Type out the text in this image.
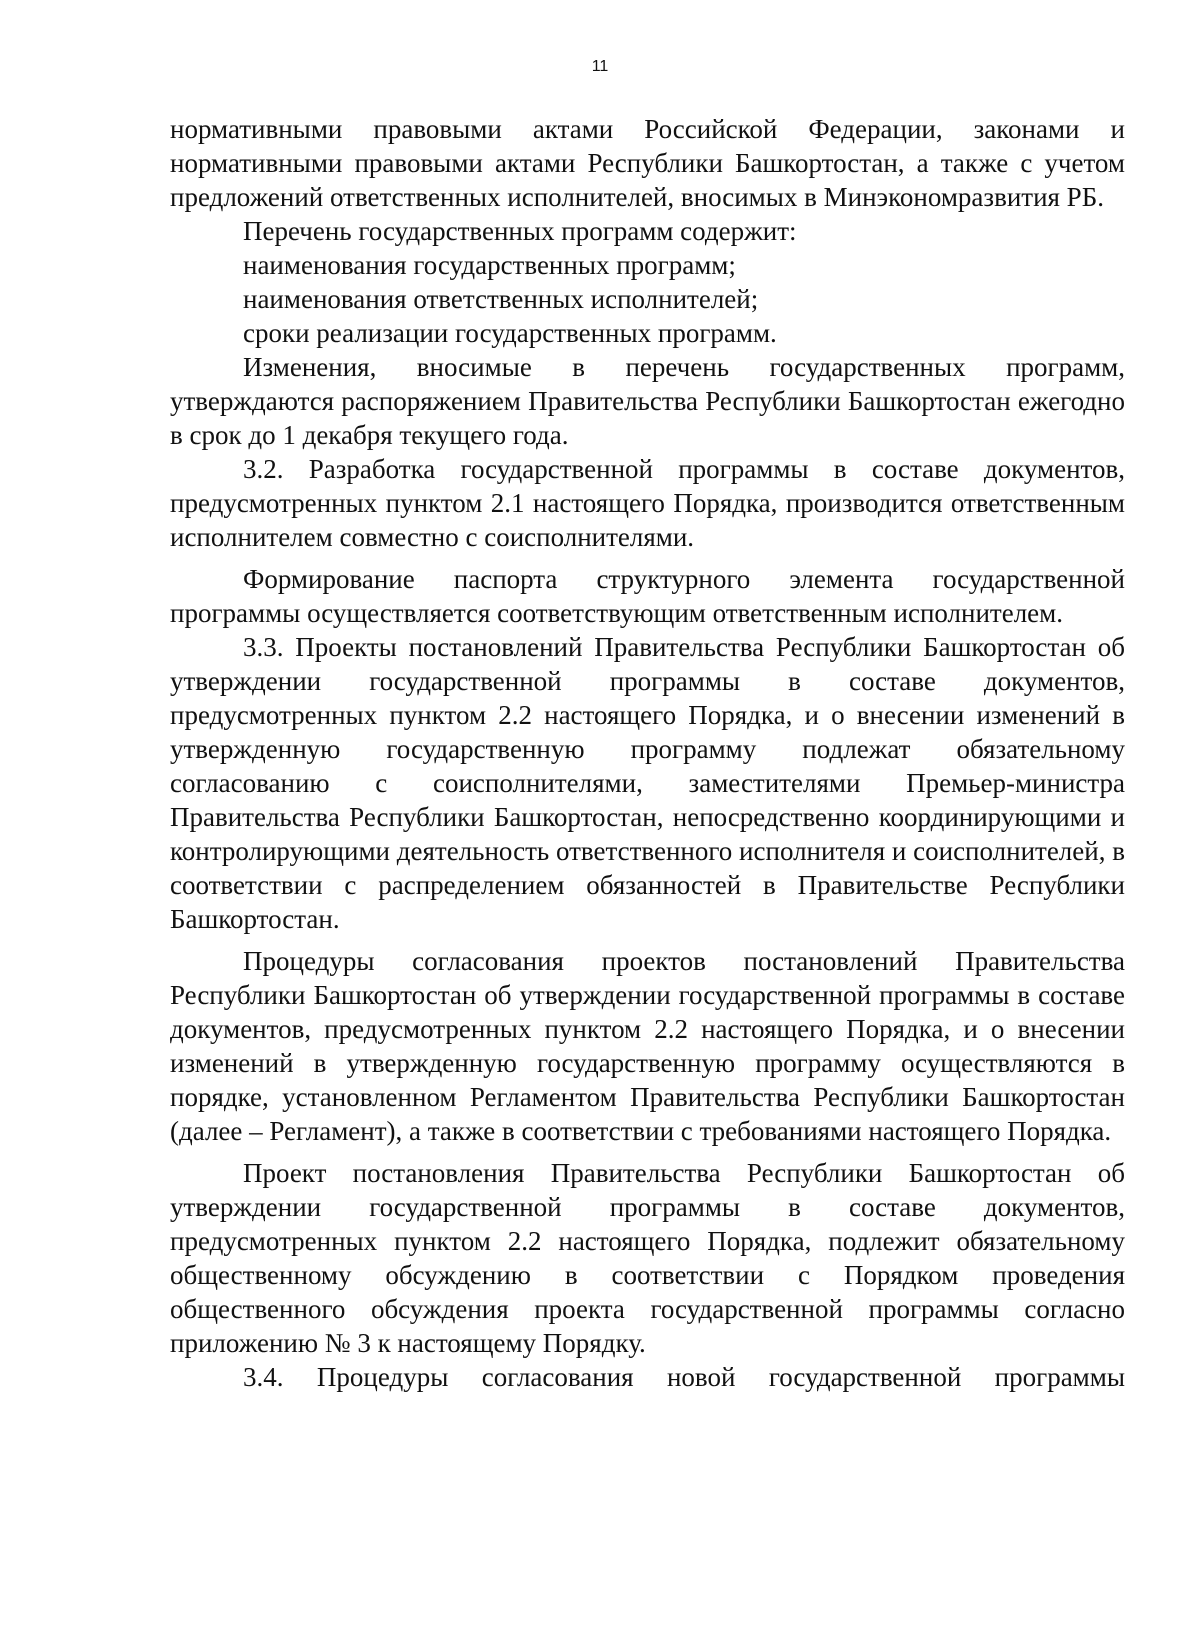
11

нормативными правовыми актами Российской Федерации, законами и нормативными правовыми актами Республики Башкортостан, а также с учетом предложений ответственных исполнителей, вносимых в Минэкономразвития РБ.

Перечень государственных программ содержит:

наименования государственных программ;

наименования ответственных исполнителей;

сроки реализации государственных программ.

Изменения, вносимые в перечень государственных программ, утверждаются распоряжением Правительства Республики Башкортостан ежегодно в срок до 1 декабря текущего года.

3.2. Разработка государственной программы в составе документов, предусмотренных пунктом 2.1 настоящего Порядка, производится ответственным исполнителем совместно с соисполнителями.

Формирование паспорта структурного элемента государственной программы осуществляется соответствующим ответственным исполнителем.

3.3. Проекты постановлений Правительства Республики Башкортостан об утверждении государственной программы в составе документов, предусмотренных пунктом 2.2 настоящего Порядка, и о внесении изменений в утвержденную государственную программу подлежат обязательному согласованию с соисполнителями, заместителями Премьер-министра Правительства Республики Башкортостан, непосредственно координирующими и контролирующими деятельность ответственного исполнителя и соисполнителей, в соответствии с распределением обязанностей в Правительстве Республики Башкортостан.

Процедуры согласования проектов постановлений Правительства Республики Башкортостан об утверждении государственной программы в составе документов, предусмотренных пунктом 2.2 настоящего Порядка, и о внесении изменений в утвержденную государственную программу осуществляются в порядке, установленном Регламентом Правительства Республики Башкортостан (далее – Регламент), а также в соответствии с требованиями настоящего Порядка.

Проект постановления Правительства Республики Башкортостан об утверждении государственной программы в составе документов, предусмотренных пунктом 2.2 настоящего Порядка, подлежит обязательному общественному обсуждению в соответствии с Порядком проведения общественного обсуждения проекта государственной программы согласно приложению № 3 к настоящему Порядку.

3.4. Процедуры согласования новой государственной программы
